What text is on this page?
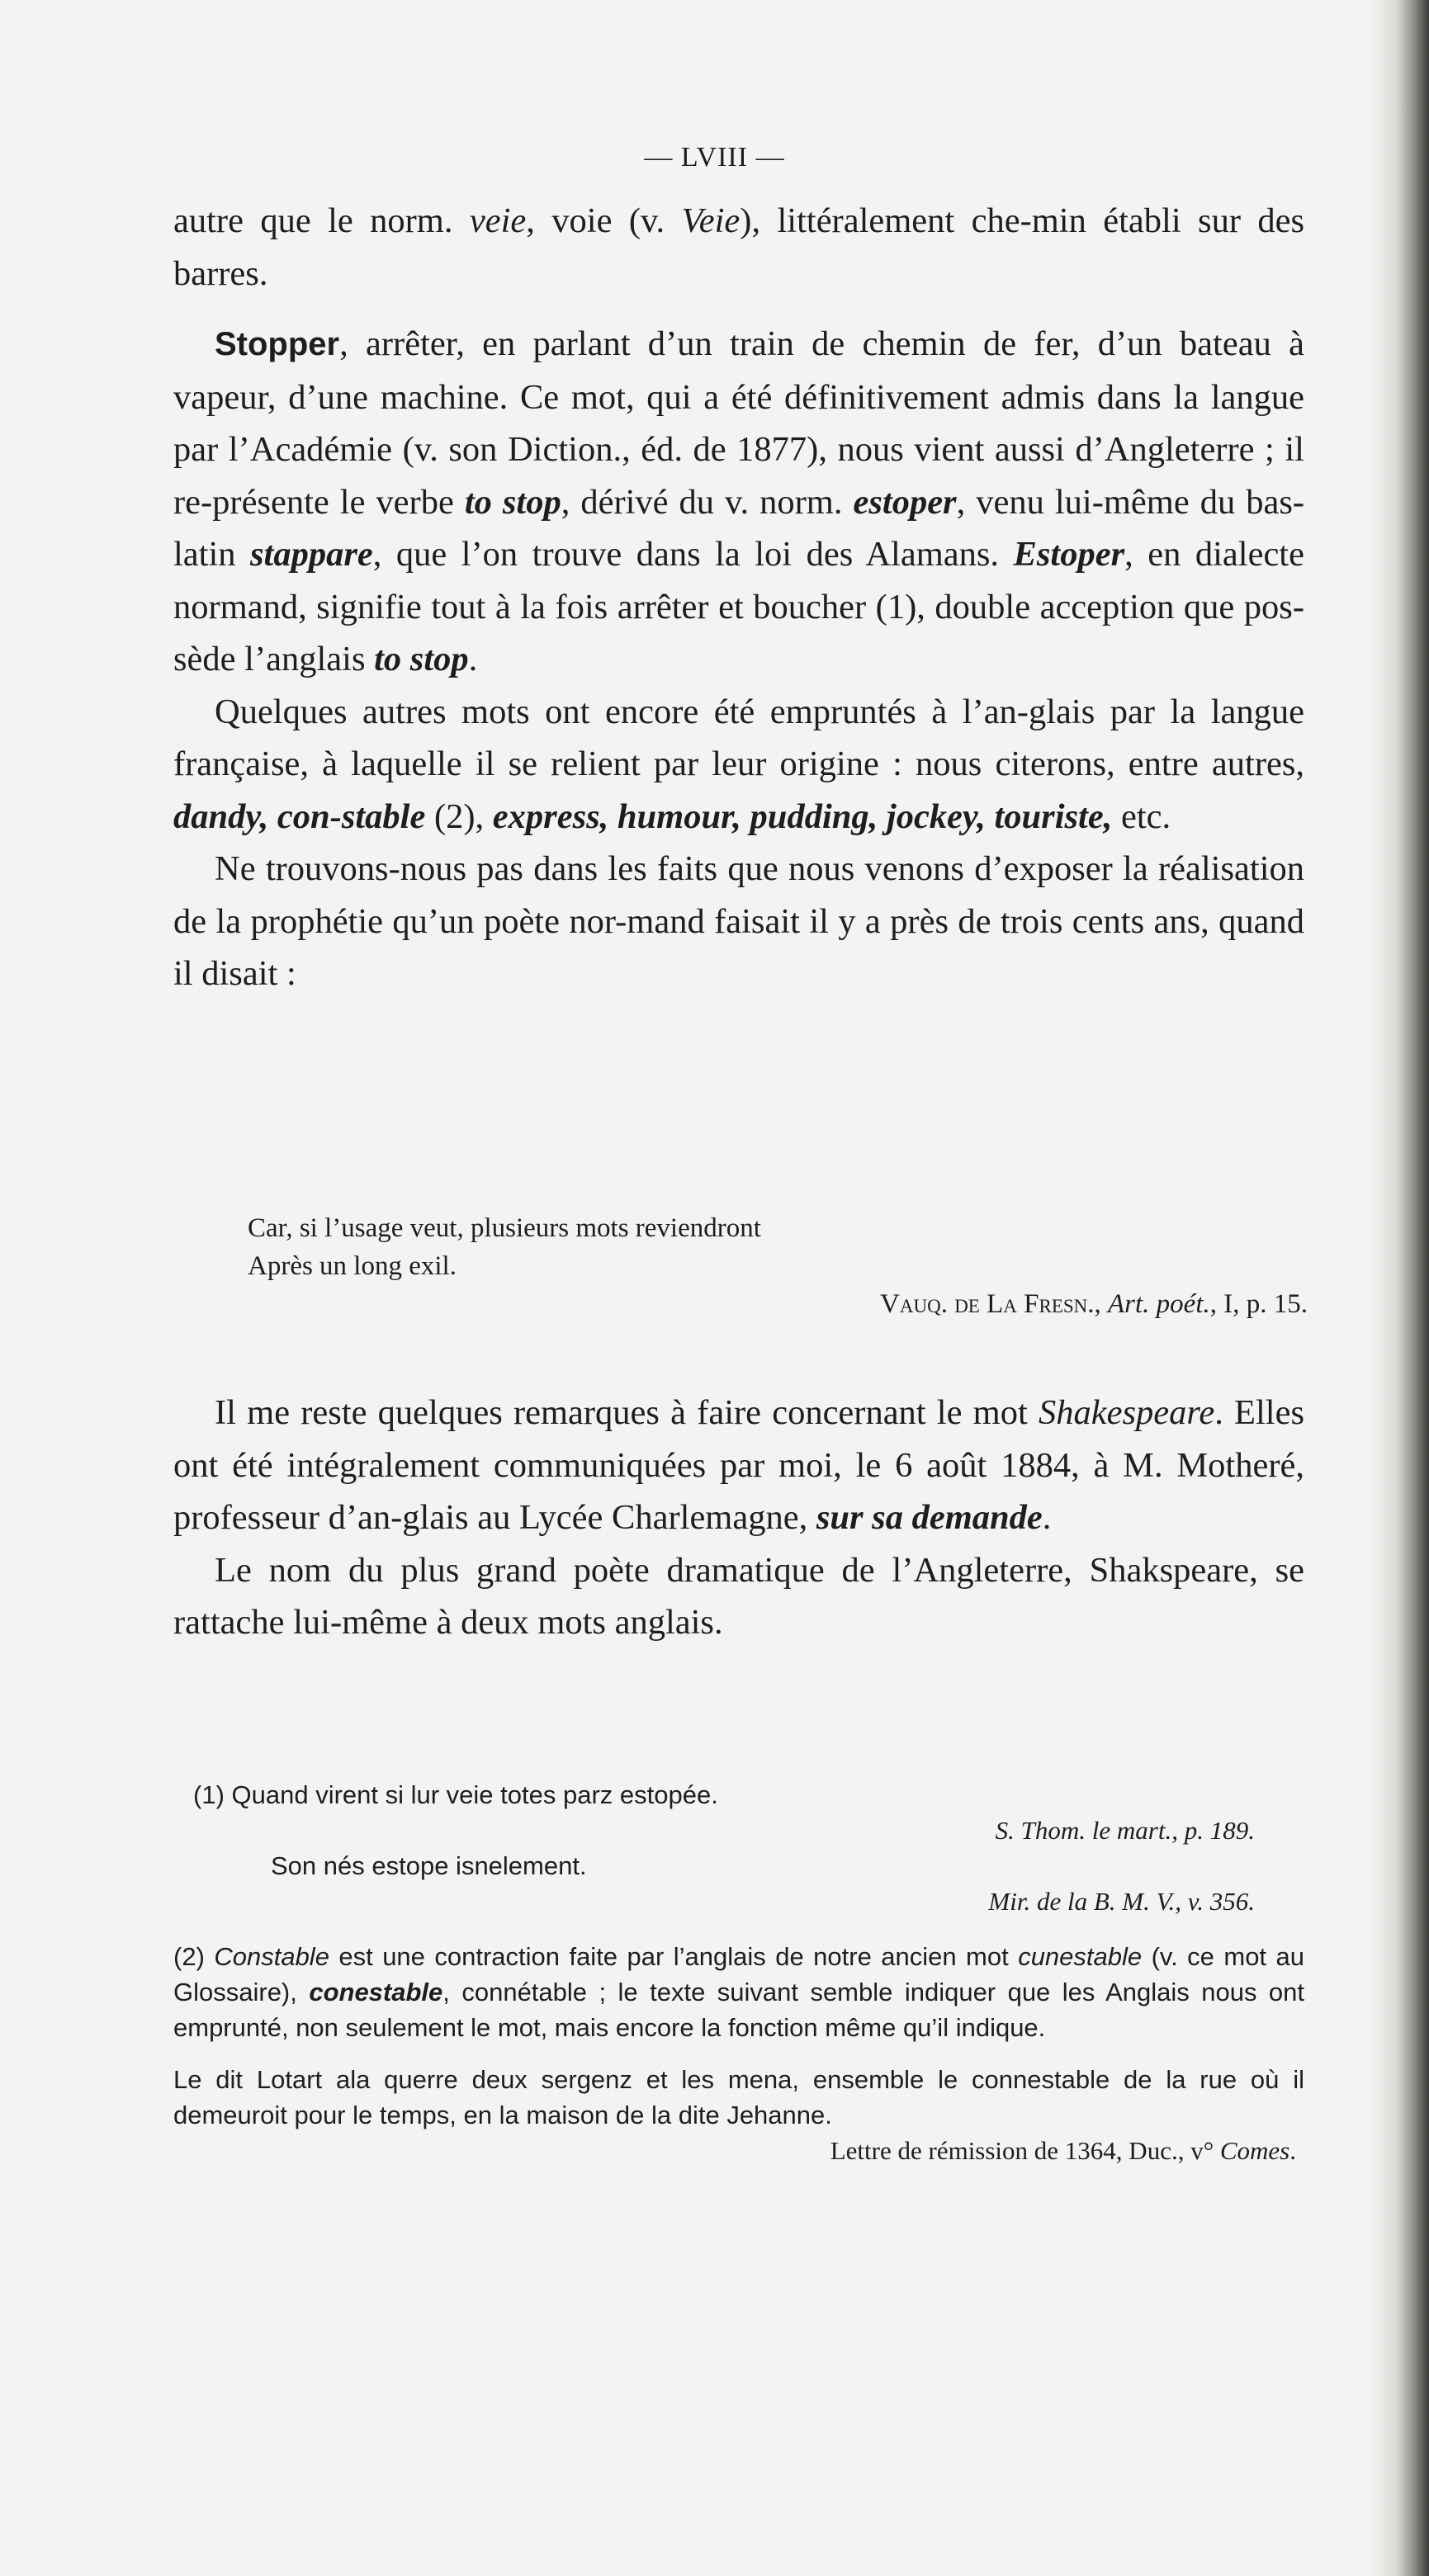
— LVIII —

autre que le norm. veie, voie (v. Veie), littéralement che-min établi sur des barres.

Stopper, arrêter, en parlant d’un train de chemin de fer, d’un bateau à vapeur, d’une machine. Ce mot, qui a été définitivement admis dans la langue par l’Académie (v. son Diction., éd. de 1877), nous vient aussi d’Angleterre ; il re-présente le verbe to stop, dérivé du v. norm. estoper, venu lui-même du bas-latin stappare, que l’on trouve dans la loi des Alamans. Estoper, en dialecte normand, signifie tout à la fois arrêter et boucher (1), double acception que pos-sède l’anglais to stop.

Quelques autres mots ont encore été empruntés à l’an-glais par la langue française, à laquelle il se relient par leur origine : nous citerons, entre autres, dandy, con-stable (2), express, humour, pudding, jockey, touriste, etc.

Ne trouvons-nous pas dans les faits que nous venons d’exposer la réalisation de la prophétie qu’un poète nor-mand faisait il y a près de trois cents ans, quand il disait :

Car, si l’usage veut, plusieurs mots reviendront
Après un long exil.
Vauq. de La Fresn., Art. poét., I, p. 15.

Il me reste quelques remarques à faire concernant le mot Shakespeare. Elles ont été intégralement communiquées par moi, le 6 août 1884, à M. Motheré, professeur d’an-glais au Lycée Charlemagne, sur sa demande.

Le nom du plus grand poète dramatique de l’Angleterre, Shakspeare, se rattache lui-même à deux mots anglais.

(1) Quand virent si lur veie totes parz estopée.

S. Thom. le mart., p. 189.

Son nés estope isnelement.

Mir. de la B. M. V., v. 356.

(2) Constable est une contraction faite par l’anglais de notre ancien mot cunestable (v. ce mot au Glossaire), conestable, connétable ; le texte suivant semble indiquer que les Anglais nous ont emprunté, non seulement le mot, mais encore la fonction même qu’il indique.

Le dit Lotart ala querre deux sergenz et les mena, ensemble le connestable de la rue où il demeuroit pour le temps, en la maison de la dite Jehanne.

Lettre de rémission de 1364, Duc., v° Comes.
